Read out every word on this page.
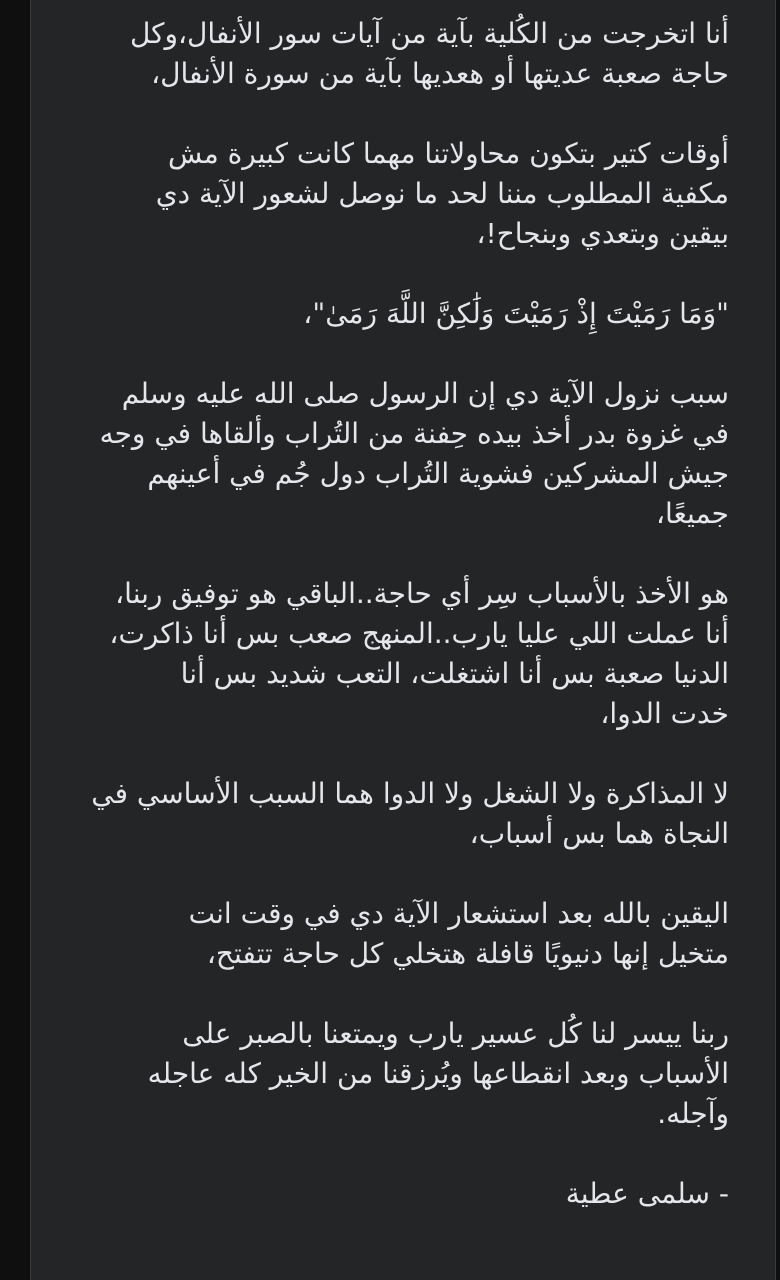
أنا اتخرجت من الكُلية بآية من آيات سور الأنفال،وكل
حاجة صعبة عديتها أو هعديها بآية من سورة الأنفال،

أوقات كتير بتكون محاولاتنا مهما كانت كبيرة مش
مكفية المطلوب مننا لحد ما نوصل لشعور الآية دي
بيقين وبتعدي وبنجاح!،

"وَمَا رَمَيْتَ إِذْ رَمَيْتَ وَلَٰكِنَّ اللَّهَ رَمَىٰ"،

سبب نزول الآية دي إن الرسول صلى الله عليه وسلم
في غزوة بدر أخذ بيده حِفنة من التُراب وألقاها في وجه
جيش المشركين فشوية التُراب دول جُم في أعينهم
جميعًا،

هو الأخذ بالأسباب سِر أي حاجة..الباقي هو توفيق ربنا،
أنا عملت اللي عليا يارب..المنهج صعب بس أنا ذاكرت،
الدنيا صعبة بس أنا اشتغلت، التعب شديد بس أنا
خدت الدوا،

لا المذاكرة ولا الشغل ولا الدوا هما السبب الأساسي في
النجاة هما بس أسباب،

اليقين بالله بعد استشعار الآية دي في وقت انت
متخيل إنها دنيويًا قافلة هتخلي كل حاجة تتفتح،

ربنا ييسر لنا كُل عسير يارب ويمتعنا بالصبر على
الأسباب وبعد انقطاعها ويُرزقنا من الخير كله عاجله
وآجله.

- سلمى عطية
